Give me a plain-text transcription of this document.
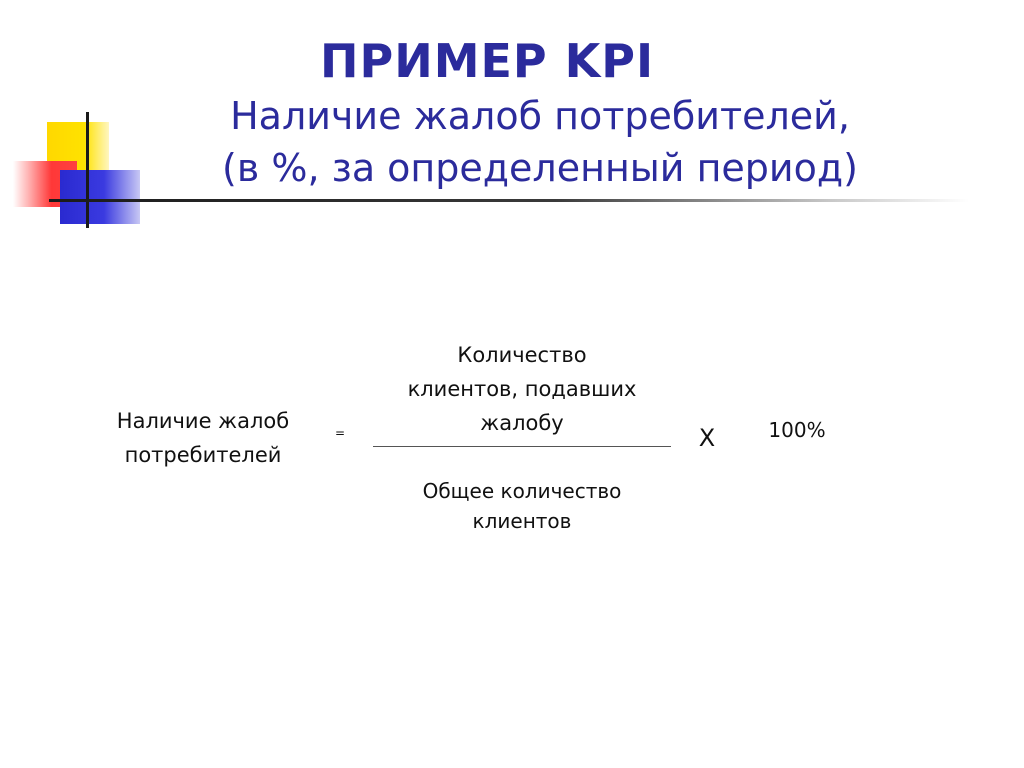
ПРИМЕР KPI
Наличие жалоб потребителей,
(в %, за определенный период)
Наличие жалоб
потребителей
=
Количество
клиентов, подавших
жалобу
Общее количество
клиентов
Х	100%
